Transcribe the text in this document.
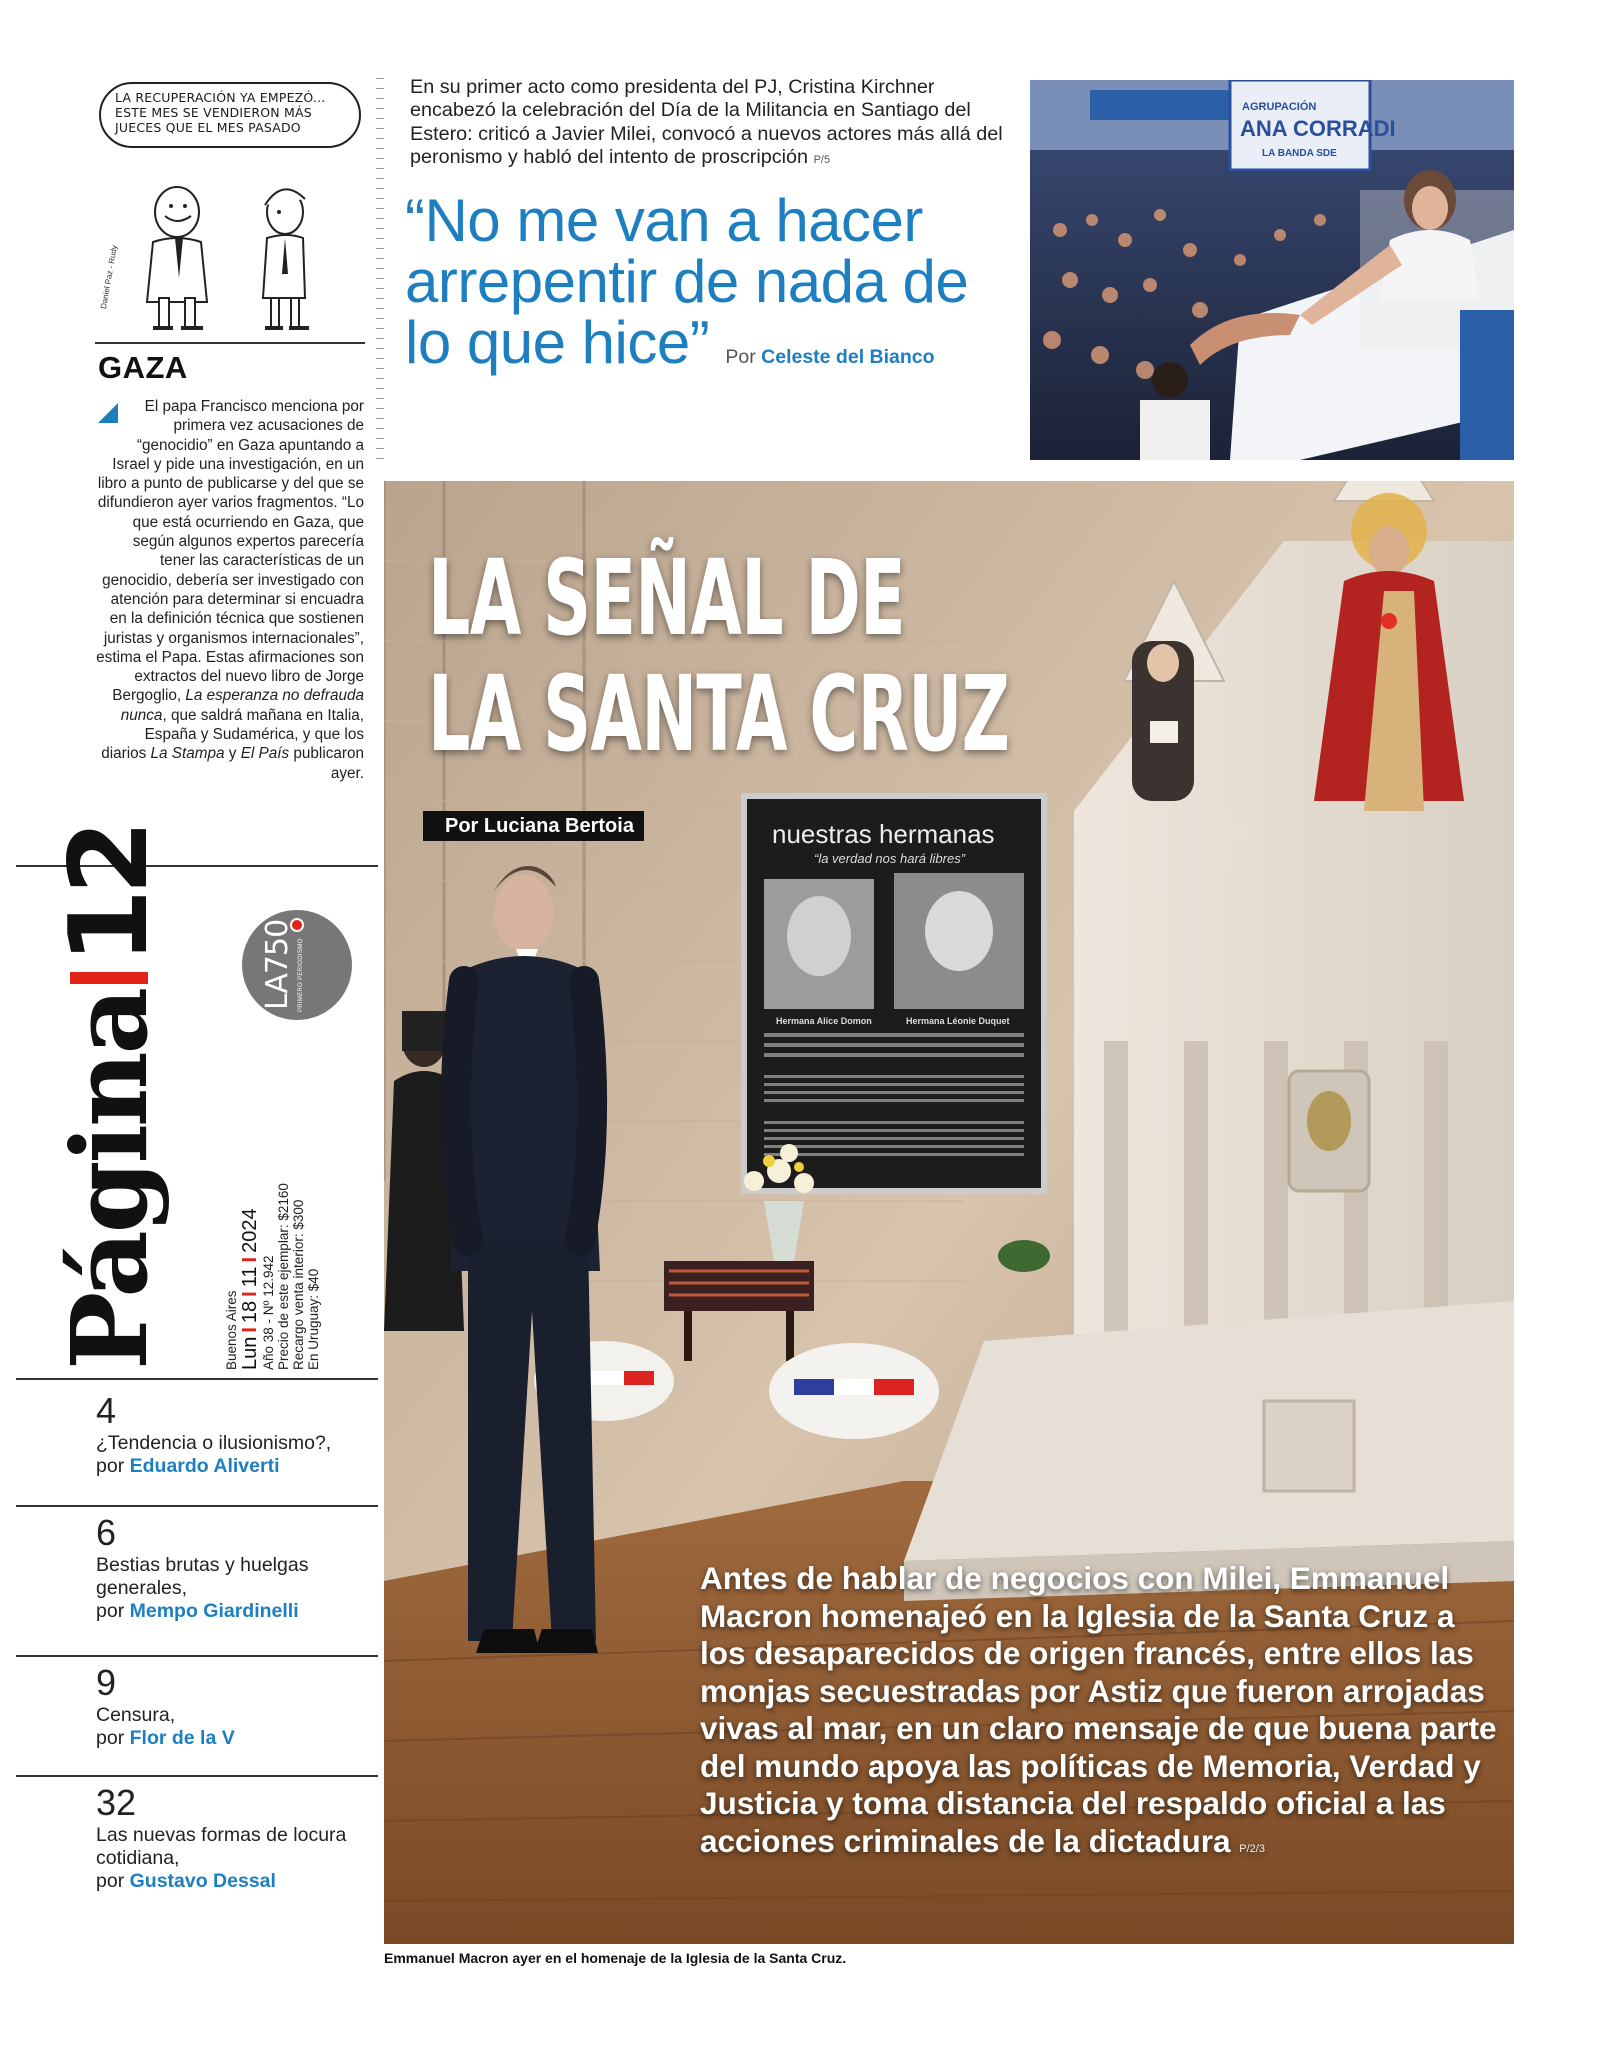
LA RECUPERACIÓN YA EMPEZÓ... ESTE MES SE VENDIERON MÁS JUECES QUE EL MES PASADO
Daniel Paz - Rudy
GAZA

El papa Francisco menciona por primera vez acusaciones de “genocidio” en Gaza apuntando a Israel y pide una investigación, en un libro a punto de publicarse y del que se difundieron ayer varios fragmentos. “Lo que está ocurriendo en Gaza, que según algunos expertos parecería tener las características de un genocidio, debería ser investigado con atención para determinar si encuadra en la definición técnica que sostienen juristas y organismos internacionales”, estima el Papa. Estas afirmaciones son extractos del nuevo libro de Jorge Bergoglio, La esperanza no defrauda nunca, que saldrá mañana en Italia, España y Sudamérica, y que los diarios La Stampa y El País publicaron ayer.

Página12
Buenos Aires LunI18I11I2024
Año 38 - Nº 12.942 Precio de este ejemplar: $2160 Recargo venta interior: $300 En Uruguay: $40
LA750 PRIMERO PERIODISMO
4
¿Tendencia o ilusionismo?,
por Eduardo Aliverti
6
Bestias brutas y huelgas generales,
por Mempo Giardinelli
9
Censura,
por Flor de la V
32
Las nuevas formas de locura cotidiana,
por Gustavo Dessal

En su primer acto como presidenta del PJ, Cristina Kirchner encabezó la celebración del Día de la Militancia en Santiago del Estero: criticó a Javier Milei, convocó a nuevos actores más allá del peronismo y habló del intento de proscripción P/5

“No me van a hacer arrepentir de nada de lo que hice” Por Celeste del Bianco
AGRUPACIÓN
ANA CORRADI
LA BANDA SDE
nuestras hermanas
“la verdad nos hará libres”
Hermana Alice Domon	Hermana Léonie Duquet
LA SEÑAL DE
LA SANTA CRUZ
Por Luciana Bertoia

Antes de hablar de negocios con Milei, Emmanuel Macron homenajeó en la Iglesia de la Santa Cruz a los desaparecidos de origen francés, entre ellos las monjas secuestradas por Astiz que fueron arrojadas vivas al mar, en un claro mensaje de que buena parte del mundo apoya las políticas de Memoria, Verdad y Justicia y toma distancia del respaldo oficial a las acciones criminales de la dictadura P/2/3

Emmanuel Macron ayer en el homenaje de la Iglesia de la Santa Cruz.
